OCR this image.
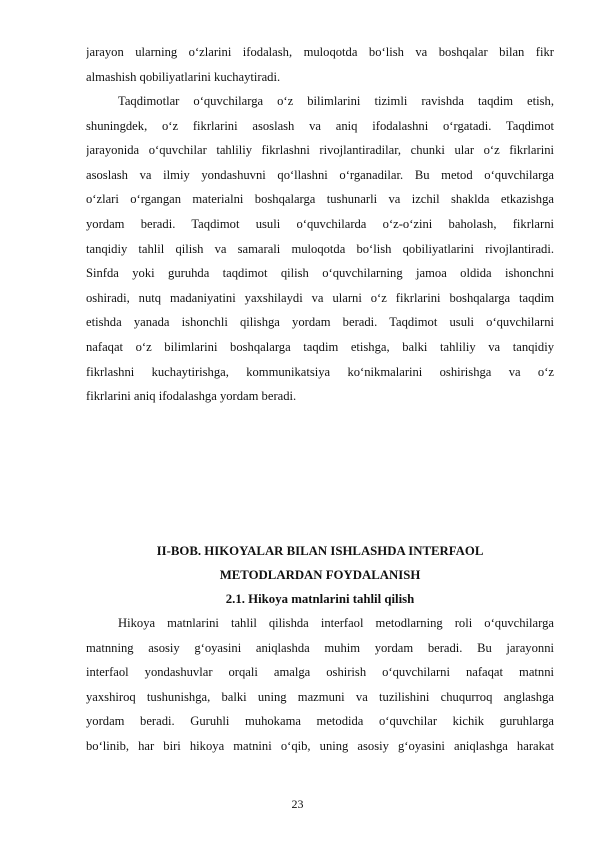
jarayon ularning o‘zlarini ifodalash, muloqotda bo‘lish va boshqalar bilan fikr
almashish qobiliyatlarini kuchaytiradi.
Taqdimotlar o‘quvchilarga o‘z bilimlarini tizimli ravishda taqdim etish,
shuningdek, o‘z fikrlarini asoslash va aniq ifodalashni o‘rgatadi. Taqdimot
jarayonida o‘quvchilar tahliliy fikrlashni rivojlantiradilar, chunki ular o‘z fikrlarini
asoslash va ilmiy yondashuvni qo‘llashni o‘rganadilar. Bu metod o‘quvchilarga
o‘zlari o‘rgangan materialni boshqalarga tushunarli va izchil shaklda etkazishga
yordam beradi. Taqdimot usuli o‘quvchilarda o‘z-o‘zini baholash, fikrlarni
tanqidiy tahlil qilish va samarali muloqotda bo‘lish qobiliyatlarini rivojlantiradi.
Sinfda yoki guruhda taqdimot qilish o‘quvchilarning jamoa oldida ishonchni
oshiradi, nutq madaniyatini yaxshilaydi va ularni o‘z fikrlarini boshqalarga taqdim
etishda yanada ishonchli qilishga yordam beradi. Taqdimot usuli o‘quvchilarni
nafaqat o‘z bilimlarini boshqalarga taqdim etishga, balki tahliliy va tanqidiy
fikrlashni kuchaytirishga, kommunikatsiya ko‘nikmalarini oshirishga va o‘z
fikrlarini aniq ifodalashga yordam beradi.
II-BOB. HIKOYALAR BILAN ISHLASHDA INTERFAOL
METODLARDAN FOYDALANISH
2.1. Hikoya matnlarini tahlil qilish
Hikoya matnlarini tahlil qilishda interfaol metodlarning roli o‘quvchilarga
matnning asosiy g‘oyasini aniqlashda muhim yordam beradi. Bu jarayonni
interfaol yondashuvlar orqali amalga oshirish o‘quvchilarni nafaqat matnni
yaxshiroq tushunishga, balki uning mazmuni va tuzilishini chuqurroq anglashga
yordam beradi. Guruhli muhokama metodida o‘quvchilar kichik guruhlarga
bo‘linib, har biri hikoya matnini o‘qib, uning asosiy g‘oyasini aniqlashga harakat
23
